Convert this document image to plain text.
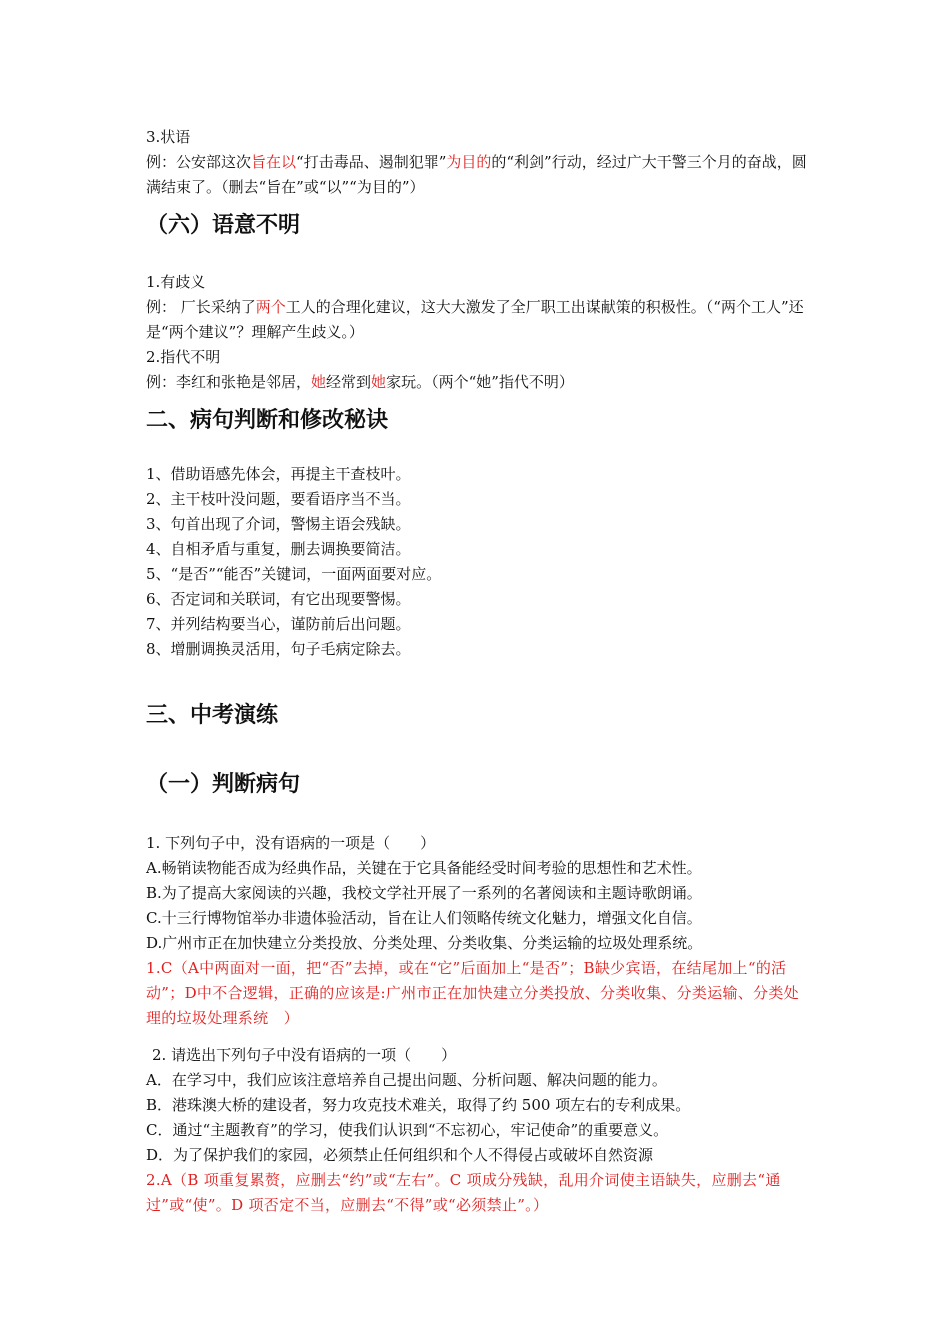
3.状语

例：公安部这次旨在以“打击毒品、遏制犯罪”为目的的“利剑”行动，经过广大干警三个月的奋战，圆满结束了。（删去“旨在”或“以”“为目的”）

（六）语意不明

1.有歧义

例： 厂长采纳了两个工人的合理化建议，这大大激发了全厂职工出谋献策的积极性。（“两个工人”还是“两个建议”？理解产生歧义。）

2.指代不明

例：李红和张艳是邻居，她经常到她家玩。（两个“她”指代不明）

二、病句判断和修改秘诀

1、借助语感先体会，再提主干查枝叶。

2、主干枝叶没问题，要看语序当不当。

3、句首出现了介词，警惕主语会残缺。

4、自相矛盾与重复，删去调换要简洁。

5、“是否”“能否”关键词，一面两面要对应。

6、否定词和关联词，有它出现要警惕。

7、并列结构要当心，谨防前后出问题。

8、增删调换灵活用，句子毛病定除去。

三、中考演练

（一）判断病句

1. 下列句子中，没有语病的一项是（　　）

A.畅销读物能否成为经典作品，关键在于它具备能经受时间考验的思想性和艺术性。

B.为了提高大家阅读的兴趣，我校文学社开展了一系列的名著阅读和主题诗歌朗诵。

C.十三行博物馆举办非遗体验活动，旨在让人们领略传统文化魅力，增强文化自信。

D.广州市正在加快建立分类投放、分类处理、分类收集、分类运输的垃圾处理系统。

1.C（A中两面对一面，把“否”去掉，或在“它”后面加上“是否”；B缺少宾语，在结尾加上“的活动”；D中不合逻辑，正确的应该是:广州市正在加快建立分类投放、分类收集、分类运输、分类处理的垃圾处理系统　）

2. 请选出下列句子中没有语病的一项（　　）

A．在学习中，我们应该注意培养自己提出问题、分析问题、解决问题的能力。

B．港珠澳大桥的建设者，努力攻克技术难关，取得了约 500 项左右的专利成果。

C．通过“主题教育”的学习，使我们认识到“不忘初心，牢记使命”的重要意义。

D．为了保护我们的家园，必须禁止任何组织和个人不得侵占或破坏自然资源

2.A（B 项重复累赘，应删去“约”或“左右”。C 项成分残缺，乱用介词使主语缺失，应删去“通过”或“使”。D 项否定不当，应删去“不得”或“必须禁止”。）
